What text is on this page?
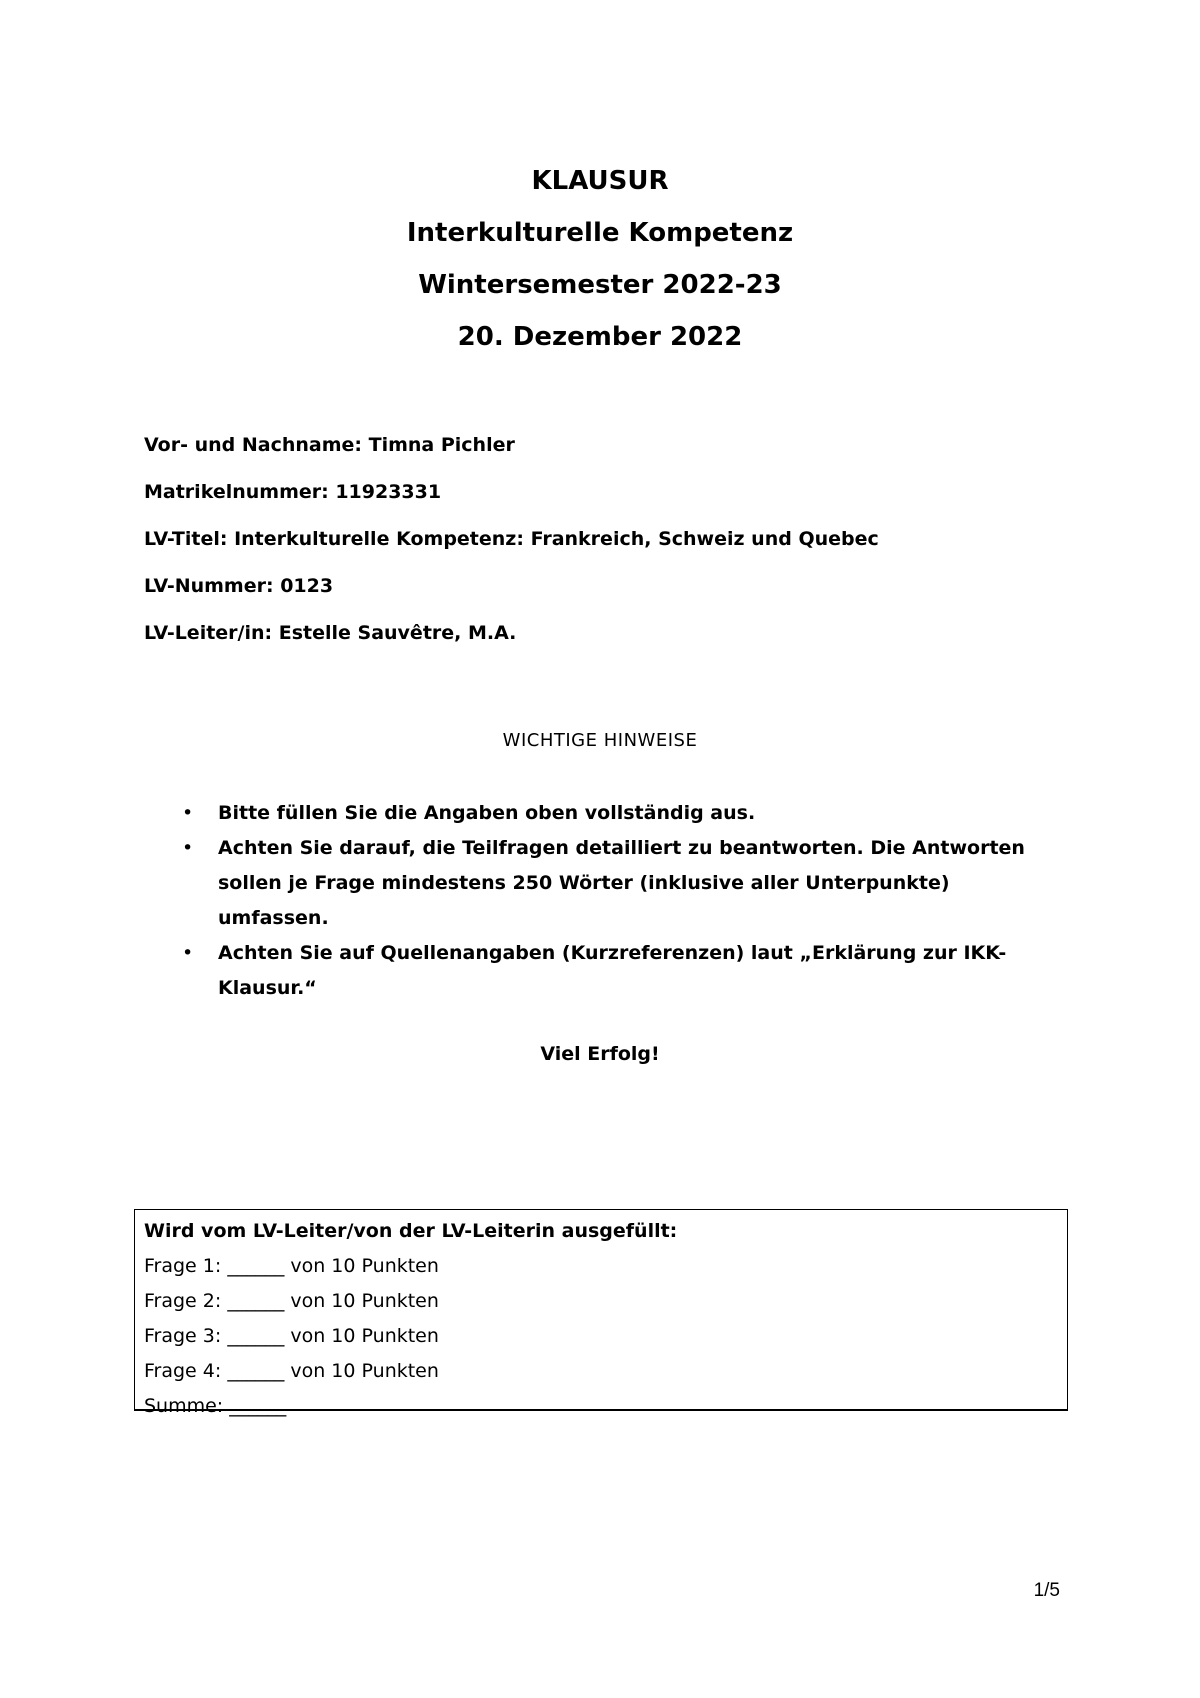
KLAUSUR
Interkulturelle Kompetenz
Wintersemester 2022-23
20. Dezember 2022
Vor- und Nachname: Timna Pichler
Matrikelnummer: 11923331
LV-Titel: Interkulturelle Kompetenz: Frankreich, Schweiz und Quebec
LV-Nummer: 0123
LV-Leiter/in: Estelle Sauvêtre, M.A.
WICHTIGE HINWEISE
• Bitte füllen Sie die Angaben oben vollständig aus.
• Achten Sie darauf, die Teilfragen detailliert zu beantworten. Die Antworten sollen je Frage mindestens 250 Wörter (inklusive aller Unterpunkte) umfassen.
• Achten Sie auf Quellenangaben (Kurzreferenzen) laut „Erklärung zur IKK-Klausur.“
Viel Erfolg!
Wird vom LV-Leiter/von der LV-Leiterin ausgefüllt:
Frage 1: ______ von 10 Punkten
Frage 2: ______ von 10 Punkten
Frage 3: ______ von 10 Punkten
Frage 4: ______ von 10 Punkten
Summe: ______
1/5
